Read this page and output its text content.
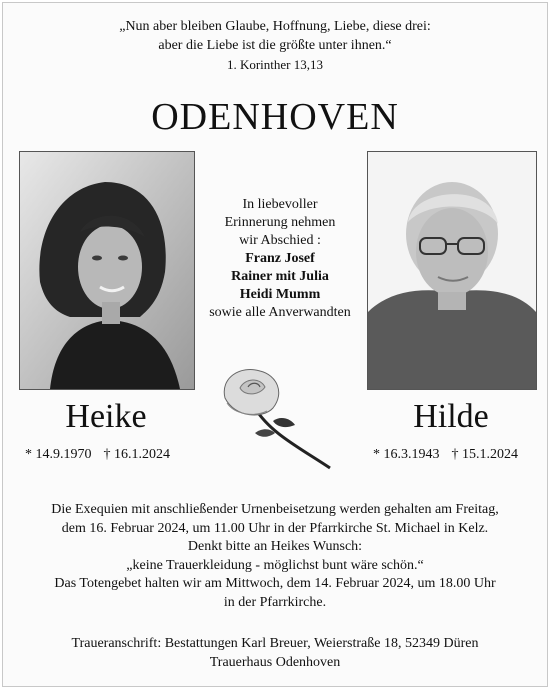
„Nun aber bleiben Glaube, Hoffnung, Liebe, diese drei:
aber die Liebe ist die größte unter ihnen.“
1. Korinther 13,13
ODENHOVEN
In liebevoller
Erinnerung nehmen
wir Abschied :
Franz Josef
Rainer mit Julia
Heidi Mumm
sowie alle Anverwandten
Heike	Hilde
* 14.9.1970 † 16.1.2024	* 16.3.1943 † 15.1.2024
Die Exequien mit anschließender Urnenbeisetzung werden gehalten am Freitag,
dem 16. Februar 2024, um 11.00 Uhr in der Pfarrkirche St. Michael in Kelz.
Denkt bitte an Heikes Wunsch:
„keine Trauerkleidung - möglichst bunt wäre schön.“
Das Totengebet halten wir am Mittwoch, dem 14. Februar 2024, um 18.00 Uhr
in der Pfarrkirche.
Traueranschrift: Bestattungen Karl Breuer, Weierstraße 18, 52349 Düren
Trauerhaus Odenhoven
